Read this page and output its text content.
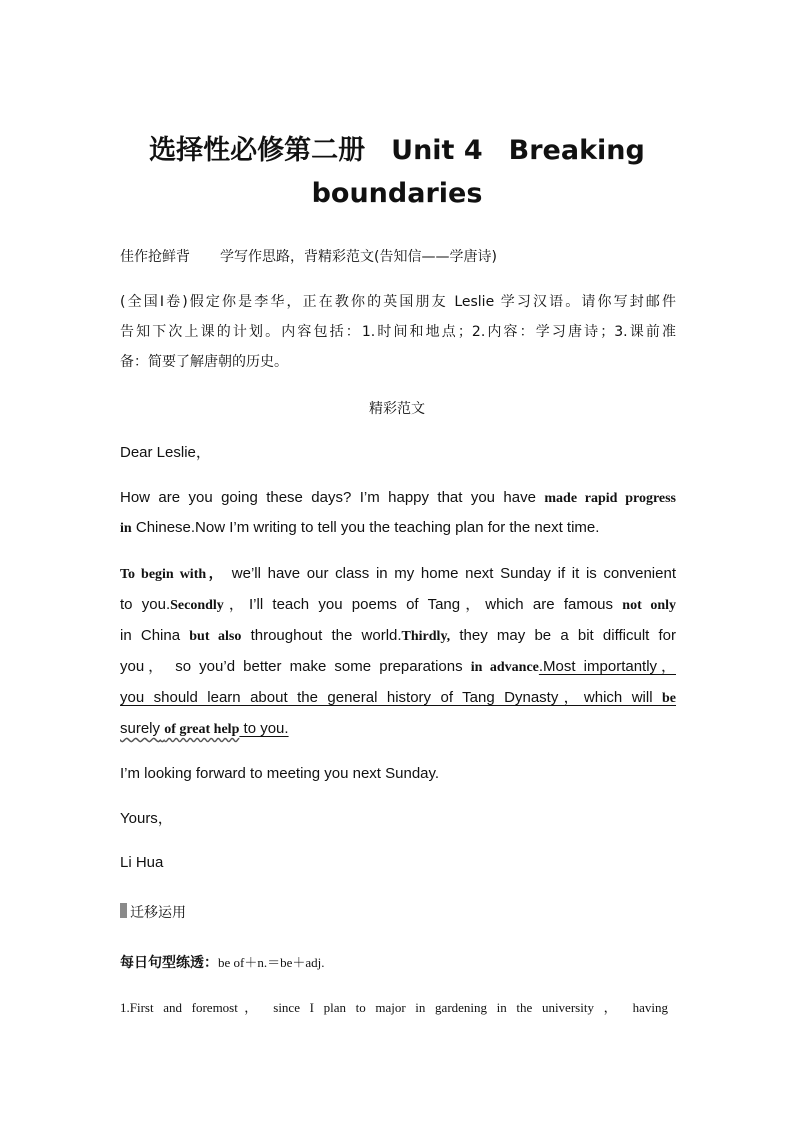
选择性必修第二册 Unit 4 Breaking
boundaries
佳作抢鲜背 学写作思路，背精彩范文(告知信——学唐诗)
(全国Ⅰ卷)假定你是李华，正在教你的英国朋友 Leslie 学习汉语。请你写封邮件
告知下次上课的计划。内容包括：1.时间和地点；2.内容：学习唐诗；3.课前准
备：简要了解唐朝的历史。
精彩范文
Dear Leslie，
How are you going these days? I’m happy that you have made rapid progress
in Chinese.Now I’m writing to tell you the teaching plan for the next time.
To begin with， we’ll have our class in my home next Sunday if it is convenient
to you.Secondly，I’ll teach you poems of Tang，which are famous not only
in China but also throughout the world.Thirdly, they may be a bit difficult for
you， so you’d better make some preparations in advance.Most importantly，
you should learn about the general history of Tang Dynasty，which will be
surely of great help to you.
I’m looking forward to meeting you next Sunday.
Yours，
Li Hua
迁移运用
每日句型练透：be of＋n.＝be＋adj.
1.First and foremost， since I plan to major in gardening in the university ， having
